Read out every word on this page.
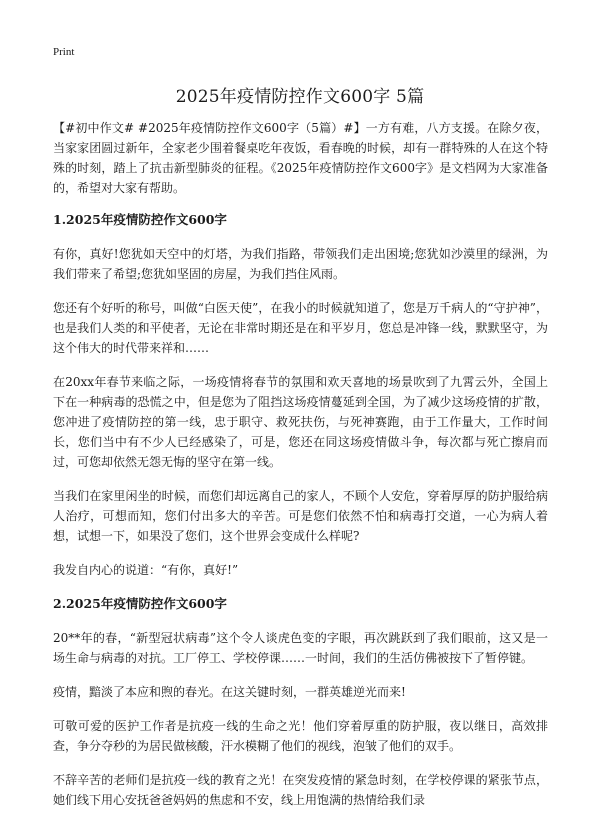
Print
2025年疫情防控作文600字 5篇

【#初中作文# #2025年疫情防控作文600字（5篇）#】一方有难，八方支援。在除夕夜，当家家团圆过新年，全家老少围着餐桌吃年夜饭，看春晚的时候，却有一群特殊的人在这个特殊的时刻，踏上了抗击新型肺炎的征程。《2025年疫情防控作文600字》是文档网为大家准备的，希望对大家有帮助。

1.2025年疫情防控作文600字

有你，真好!您犹如天空中的灯塔，为我们指路，带领我们走出困境;您犹如沙漠里的绿洲，为我们带来了希望;您犹如坚固的房屋，为我们挡住风雨。

您还有个好听的称号，叫做“白医天使”，在我小的时候就知道了，您是万千病人的“守护神”，也是我们人类的和平使者，无论在非常时期还是在和平岁月，您总是冲锋一线，默默坚守，为这个伟大的时代带来祥和……

在20xx年春节来临之际，一场疫情将春节的氛围和欢天喜地的场景吹到了九霄云外，全国上下在一种病毒的恐慌之中，但是您为了阻挡这场疫情蔓延到全国，为了减少这场疫情的扩散，您冲进了疫情防控的第一线，忠于职守、救死扶伤，与死神赛跑，由于工作量大，工作时间长，您们当中有不少人已经感染了，可是，您还在同这场疫情做斗争，每次都与死亡擦肩而过，可您却依然无怨无悔的坚守在第一线。

当我们在家里闲坐的时候，而您们却远离自己的家人，不顾个人安危，穿着厚厚的防护服给病人治疗，可想而知，您们付出多大的辛苦。可是您们依然不怕和病毒打交道，一心为病人着想，试想一下，如果没了您们，这个世界会变成什么样呢?

我发自内心的说道：“有你，真好!”

2.2025年疫情防控作文600字

20**年的春，“新型冠状病毒”这个令人谈虎色变的字眼，再次跳跃到了我们眼前，这又是一场生命与病毒的对抗。工厂停工、学校停课……一时间，我们的生活仿佛被按下了暂停键。

疫情，黯淡了本应和煦的春光。在这关键时刻，一群英雄逆光而来!

可敬可爱的医护工作者是抗疫一线的生命之光！他们穿着厚重的防护服，夜以继日，高效排查，争分夺秒的为居民做核酸，汗水模糊了他们的视线，泡皱了他们的双手。

不辞辛苦的老师们是抗疫一线的教育之光！在突发疫情的紧急时刻，在学校停课的紧张节点，她们线下用心安抚爸爸妈妈的焦虑和不安，线上用饱满的热情给我们录
